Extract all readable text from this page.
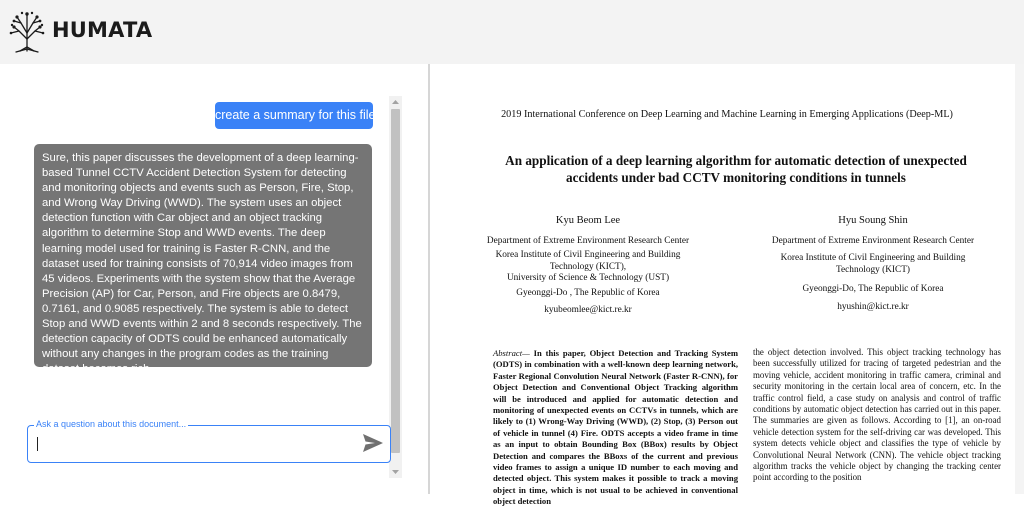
HUMATA
create a summary for this file
Sure, this paper discusses the development of a deep learning-based Tunnel CCTV Accident Detection System for detecting and monitoring objects and events such as Person, Fire, Stop, and Wrong Way Driving (WWD). The system uses an object detection function with Car object and an object tracking algorithm to determine Stop and WWD events. The deep learning model used for training is Faster R-CNN, and the dataset used for training consists of 70,914 video images from 45 videos. Experiments with the system show that the Average Precision (AP) for Car, Person, and Fire objects are 0.8479, 0.7161, and 0.9085 respectively. The system is able to detect Stop and WWD events within 2 and 8 seconds respectively. The detection capacity of ODTS could be enhanced automatically without any changes in the program codes as the training dataset becomes rich.
Ask a question about this document...
2019 International Conference on Deep Learning and Machine Learning in Emerging Applications (Deep-ML)
An application of a deep learning algorithm for automatic detection of unexpected
accidents under bad CCTV monitoring conditions in tunnels
Kyu Beom Lee
Department of Extreme Environment Research Center
Korea Institute of Civil Engineering and Building
Technology (KICT),
University of Science & Technology (UST)
Gyeonggi-Do , The Republic of Korea
kyubeomlee@kict.re.kr
Hyu Soung Shin
Department of Extreme Environment Research Center
Korea Institute of Civil Engineering and Building
Technology (KICT)
Gyeonggi-Do, The Republic of Korea
hyushin@kict.re.kr
Abstract— In this paper, Object Detection and Tracking System (ODTS) in combination with a well-known deep learning network, Faster Regional Convolution Neural Network (Faster R-CNN), for Object Detection and Conventional Object Tracking algorithm will be introduced and applied for automatic detection and monitoring of unexpected events on CCTVs in tunnels, which are likely to (1) Wrong-Way Driving (WWD), (2) Stop, (3) Person out of vehicle in tunnel (4) Fire. ODTS accepts a video frame in time as an input to obtain Bounding Box (BBox) results by Object Detection and compares the BBoxs of the current and previous video frames to assign a unique ID number to each moving and detected object. This system makes it possible to track a moving object in time, which is not usual to be achieved in conventional object detection
the object detection involved. This object tracking technology has been successfully utilized for tracing of targeted pedestrian and the moving vehicle, accident monitoring in traffic camera, criminal and security monitoring in the certain local area of concern, etc. In the traffic control field, a case study on analysis and control of traffic conditions by automatic object detection has carried out in this paper. The summaries are given as follows. According to [1], an on-road vehicle detection system for the self-driving car was developed. This system detects vehicle object and classifies the type of vehicle by Convolutional Neural Network (CNN). The vehicle object tracking algorithm tracks the vehicle object by changing the tracking center point according to the position
